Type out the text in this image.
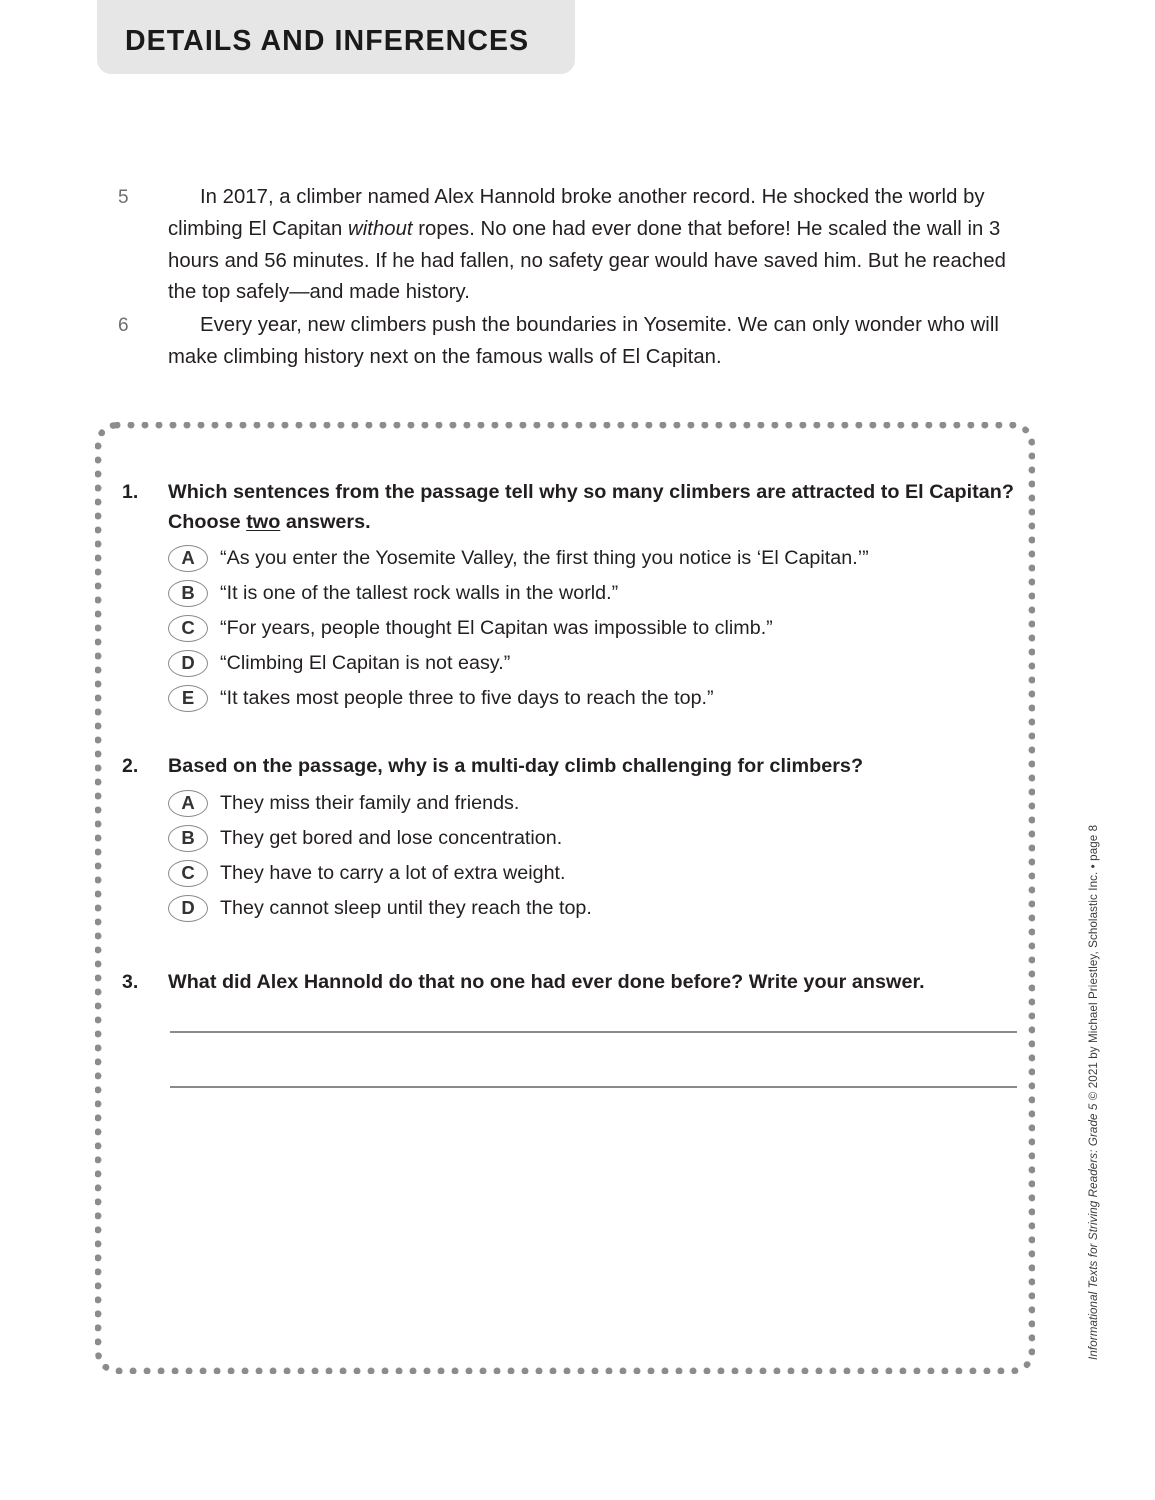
DETAILS AND INFERENCES
5	In 2017, a climber named Alex Hannold broke another record. He shocked the world by climbing El Capitan without ropes. No one had ever done that before! He scaled the wall in 3 hours and 56 minutes. If he had fallen, no safety gear would have saved him. But he reached the top safely—and made history.
6	Every year, new climbers push the boundaries in Yosemite. We can only wonder who will make climbing history next on the famous walls of El Capitan.
1. Which sentences from the passage tell why so many climbers are attracted to El Capitan? Choose two answers.
A	“As you enter the Yosemite Valley, the first thing you notice is ‘El Capitan.’”
B	“It is one of the tallest rock walls in the world.”
C	“For years, people thought El Capitan was impossible to climb.”
D	“Climbing El Capitan is not easy.”
E	“It takes most people three to five days to reach the top.”
2. Based on the passage, why is a multi-day climb challenging for climbers?
A	They miss their family and friends.
B	They get bored and lose concentration.
C	They have to carry a lot of extra weight.
D	They cannot sleep until they reach the top.
3. What did Alex Hannold do that no one had ever done before? Write your answer.
Informational Texts for Striving Readers: Grade 5 © 2021 by Michael Priestley, Scholastic Inc. • page 8
